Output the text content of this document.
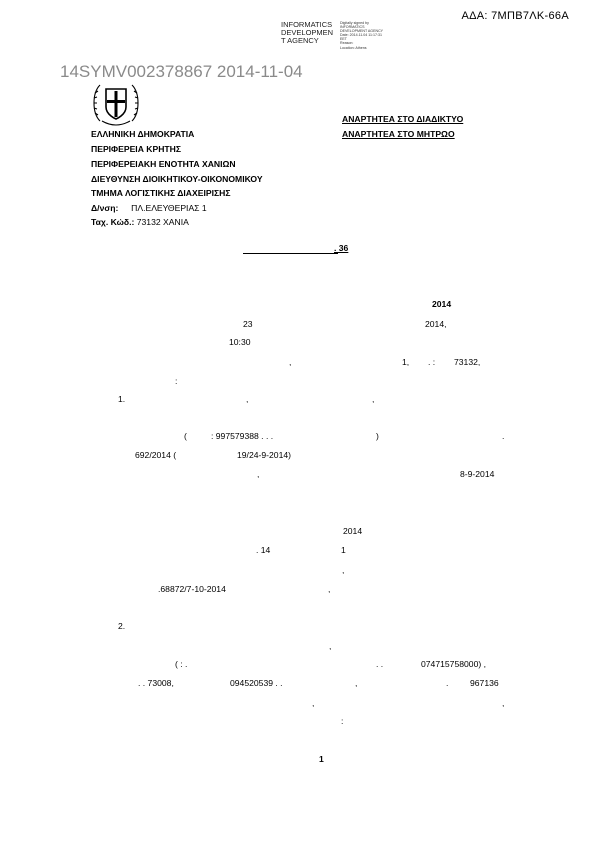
ΑΔΑ: 7ΜΠΒ7ΛΚ-66Α
INFORMATICS
DEVELOPMEN
T AGENCY
Digitally signed by
INFORMATICS
DEVELOPMENT AGENCY
Date: 2014.11.04 11:17:31
EET
Reason:
Location: Athens
14SYMV002378867 2014-11-04
ΑΝΑΡΤΗΤΕΑ ΣΤΟ ΔΙΑΔΙΚΤΥΟ
ΑΝΑΡΤΗΤΕΑ ΣΤΟ ΜΗΤΡΩΟ
ΕΛΛΗΝΙΚΗ ΔΗΜΟΚΡΑΤΙΑ
ΠΕΡΙΦΕΡΕΙΑ ΚΡΗΤΗΣ
ΠΕΡΙΦΕΡΕΙΑΚΗ ΕΝΟΤΗΤΑ ΧΑΝΙΩΝ
ΔΙΕΥΘΥΝΣΗ ΔΙΟΙΚΗΤΙΚΟΥ-ΟΙΚΟΝΟΜΙΚΟΥ
ΤΜΗΜΑ ΛΟΓΙΣΤΙΚΗΣ ΔΙΑΧΕΙΡΙΣΗΣ
Δ/νση: ΠΛ.ΕΛΕΥΘΕΡΙΑΣ 1
Ταχ. Κώδ.: 73132 ΧΑΝΙΑ
. 36
2014
23	2014,
10:30
,	1, . : 73132,
:
1.	,	,
(	: 997579388 . . .	)	.
692/2014 (	19/24-9-2014)
,	8-9-2014
2014
. 14	1
,
.68872/7-10-2014	,
2.
,
( : .	. .	074715758000) ,
. . 73008,	094520539 . .	,	.	967136
,	,
:
1
